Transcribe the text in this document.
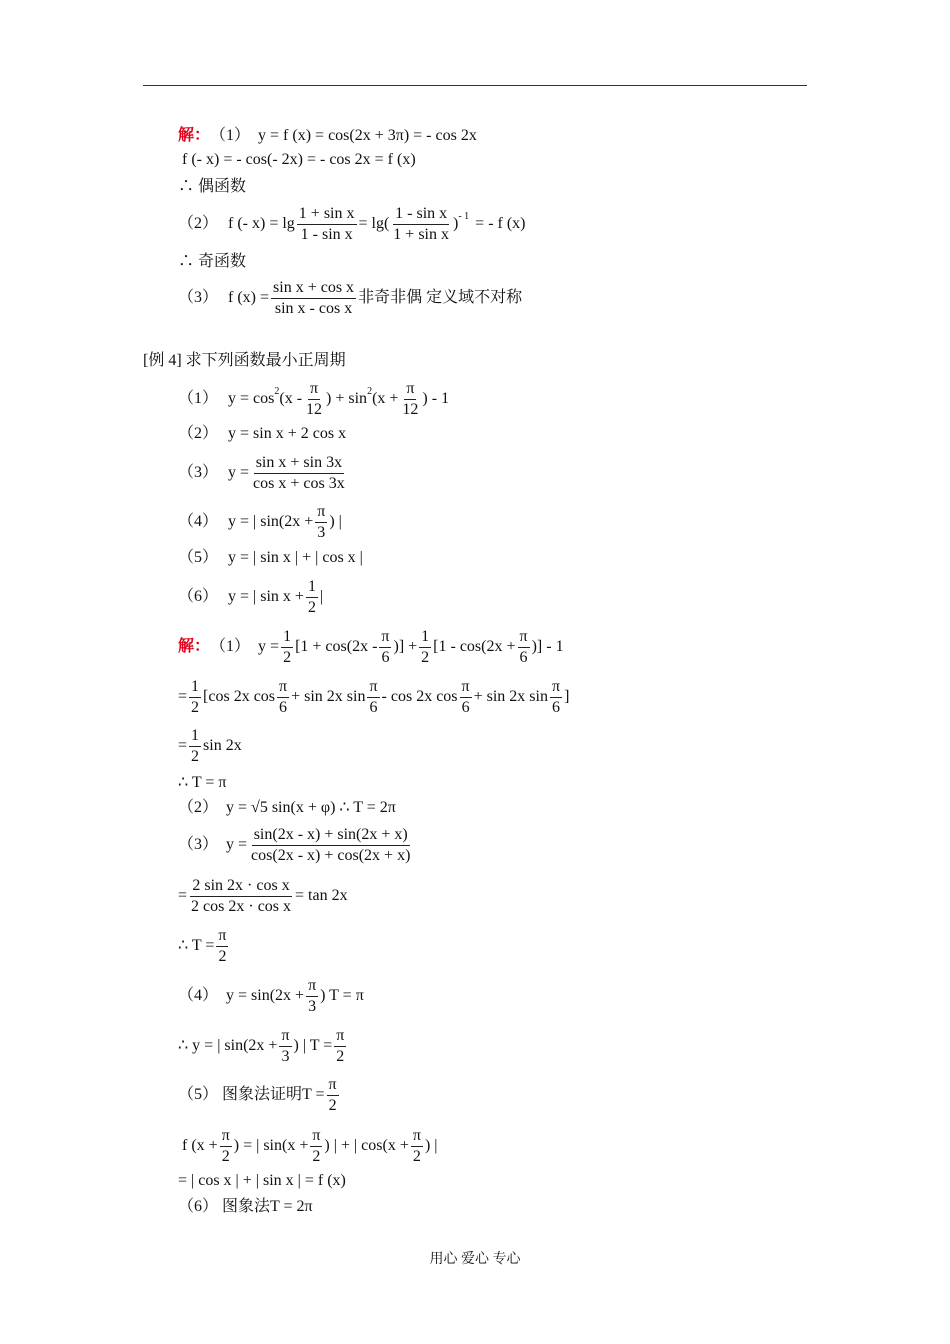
解： （1） y = f (x) = cos(2x + 3π) = - cos 2x
f (- x) = - cos(- 2x) = - cos 2x = f (x)
∴ 偶函数
（2） f (- $x) = \lg \frac{\text{1 + sin x}}{\text{1 - sin x}} = \lg( \frac{\text{1 - sin x}}{\text{1 + sin x}}$ ) - 1 = - f (x)
∴ 奇函数
（3） f $(x) = \frac{\text{sin x + cos x}}{\text{sin x - cos x}}$ 非奇非偶 定义域不对称
[例 4] 求下列函数最小正周期
（1） y = cos 2 ($x - \frac{\pi}{12}$ ) + sin 2 ($x + \frac{\pi}{12}$ ) - 1
（2） y = sin x + 2 cos x
（3） $y = \frac{\text{sin x + sin 3x}}{\text{cos x + cos 3x}}$
（4） y = | $\sin(2x + \frac{\pi}{3}$ ) |
（5） y = | sin x | + | cos x |
（6） y = | $\sin x + \frac{1}{2}$ |
解： （1） $y = \frac{1}{2} [1 + \cos(2x - \frac{\pi}{6}$ )] + $\frac{1}{2} [1 - \cos(2x + \frac{\pi}{6}$ )] - 1
= $\frac{1}{2} [\cos$ 2x $\cos \frac{\pi}{6} + \sin 2x$ $\sin \frac{\pi}{6}$ - cos 2x $\cos \frac{\pi}{6} + \sin 2x$ $\sin \frac{\pi}{6}$ ]
= $\frac{1}{2}$ sin 2x
∴ T = π
（2） y = √5 sin(x + φ) ∴ T = 2π
（3） $y = \frac{\sin(2x - x) + \sin(2x + x)}{\cos(2x - x) + \cos(2x + x)}$
= $\frac{\text{2 sin 2x · cos x}}{\text{2 cos 2x · cos x}} = \tan 2x$
∴ $T = \frac{\pi}{2}$
（4） $y = \sin(2x + \frac{\pi}{3}$ ) T = π
∴ y = | $\sin(2x + \frac{\pi}{3}$ ) | $T = \frac{\pi}{2}$
（5） 图象法证明 $T = \frac{\pi}{2}$
f ($x + \frac{\pi}{2}$ ) = | $\sin(x + \frac{\pi}{2}$ ) | + | $\cos(x + \frac{\pi}{2}$ ) |
= | cos x | + | sin x | = f (x)
（6） 图象法 T = 2π
用心 爱心 专心
